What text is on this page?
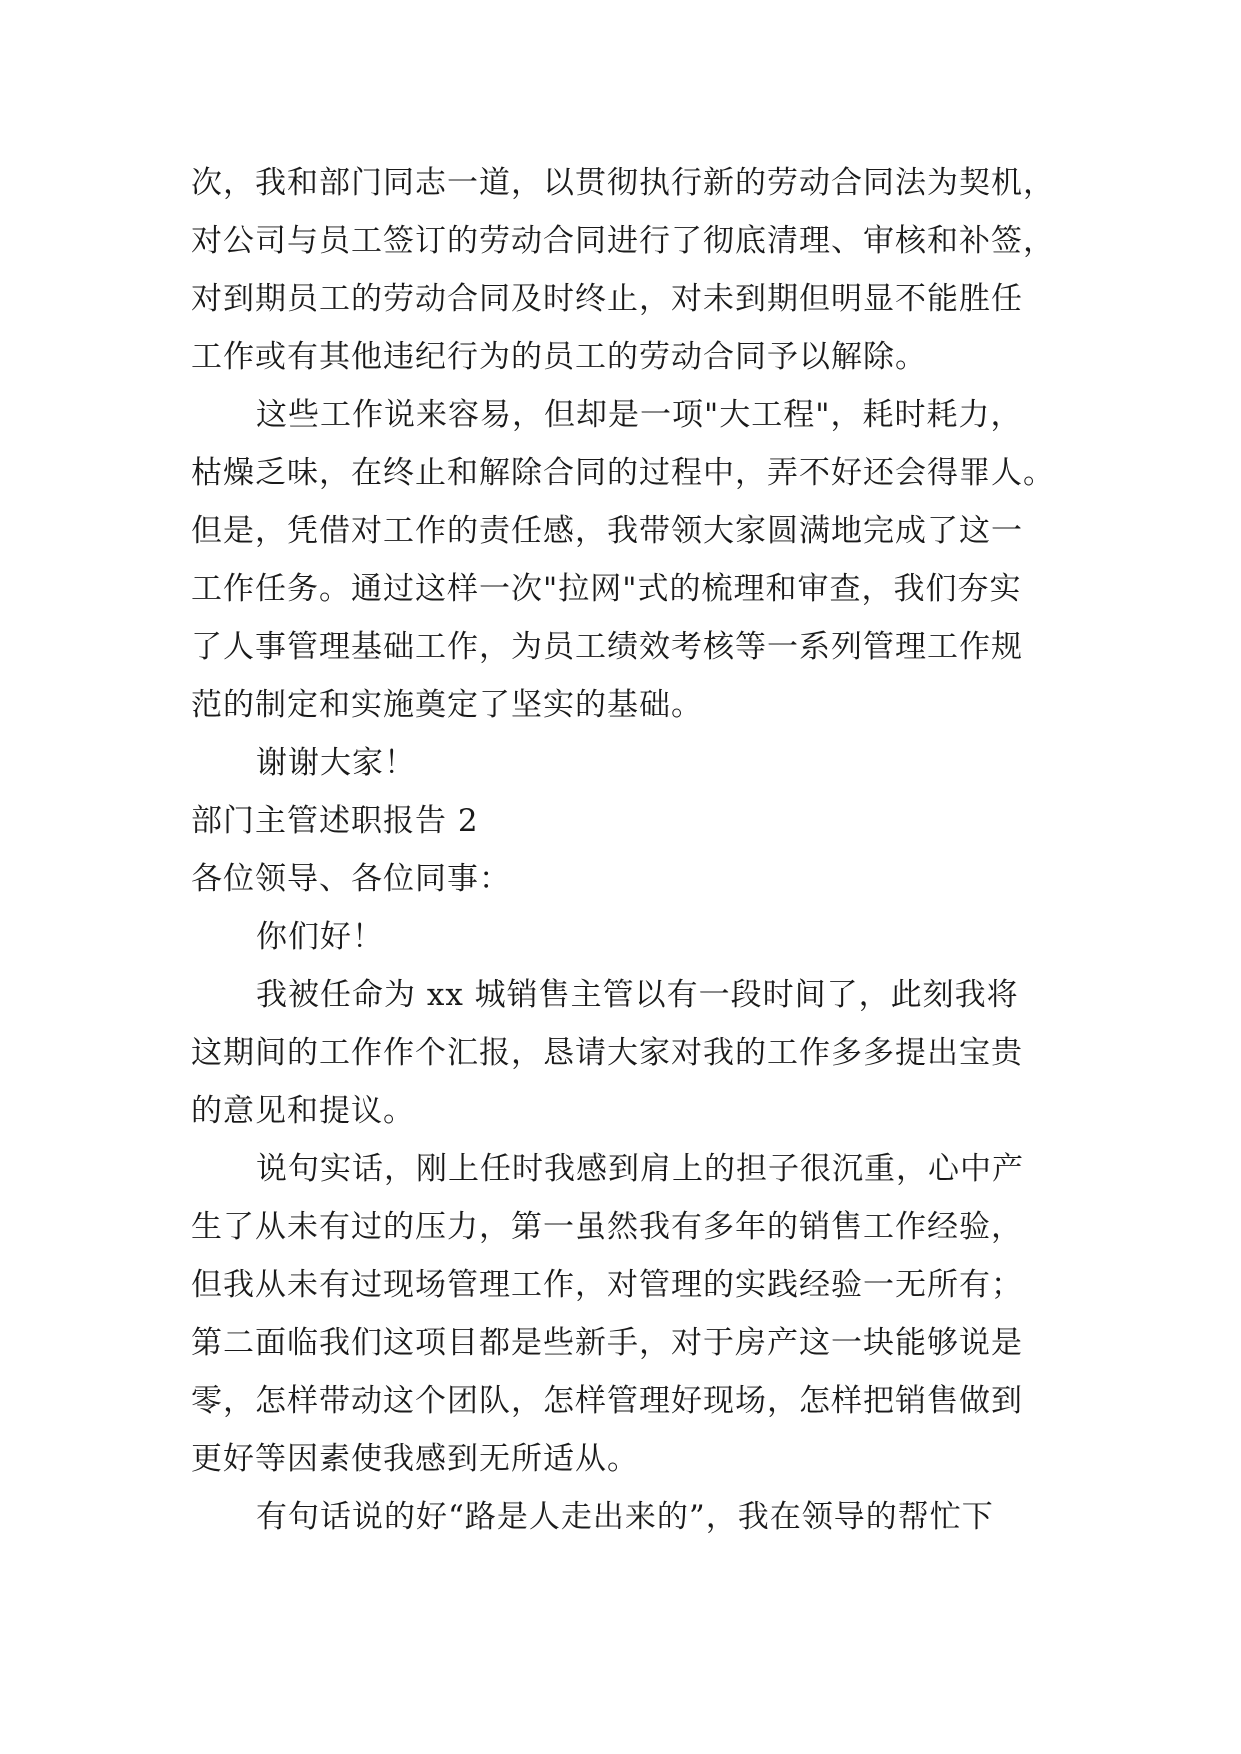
次，我和部门同志一道，以贯彻执行新的劳动合同法为契机，
对公司与员工签订的劳动合同进行了彻底清理、审核和补签，
对到期员工的劳动合同及时终止，对未到期但明显不能胜任
工作或有其他违纪行为的员工的劳动合同予以解除。
这些工作说来容易，但却是一项"大工程"，耗时耗力，
枯燥乏味，在终止和解除合同的过程中，弄不好还会得罪人。
但是，凭借对工作的责任感，我带领大家圆满地完成了这一
工作任务。通过这样一次"拉网"式的梳理和审查，我们夯实
了人事管理基础工作，为员工绩效考核等一系列管理工作规
范的制定和实施奠定了坚实的基础。
谢谢大家！
部门主管述职报告 2
各位领导、各位同事：
你们好！
我被任命为 xx 城销售主管以有一段时间了，此刻我将
这期间的工作作个汇报，恳请大家对我的工作多多提出宝贵
的意见和提议。
说句实话，刚上任时我感到肩上的担子很沉重，心中产
生了从未有过的压力，第一虽然我有多年的销售工作经验，
但我从未有过现场管理工作，对管理的实践经验一无所有；
第二面临我们这项目都是些新手，对于房产这一块能够说是
零，怎样带动这个团队，怎样管理好现场，怎样把销售做到
更好等因素使我感到无所适从。
有句话说的好“路是人走出来的”，我在领导的帮忙下
